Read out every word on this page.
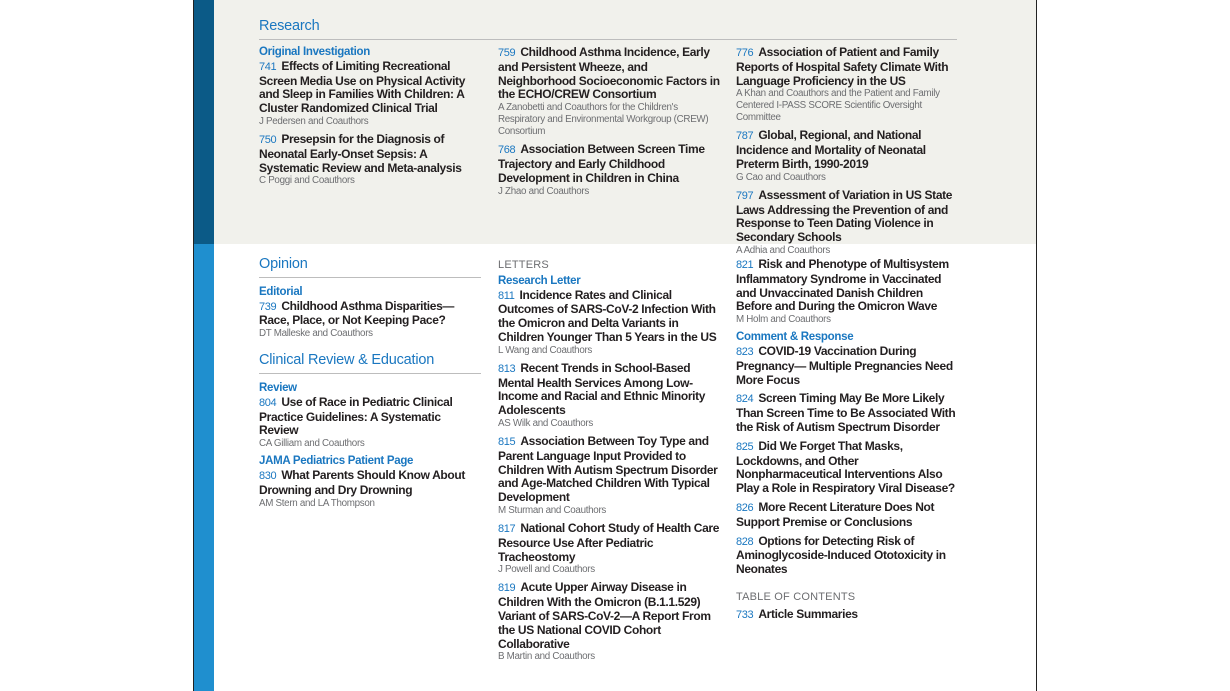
Research
Original Investigation
741 Effects of Limiting Recreational Screen Media Use on Physical Activity and Sleep in Families With Children: A Cluster Randomized Clinical Trial
J Pedersen and Coauthors
750 Presepsin for the Diagnosis of Neonatal Early-Onset Sepsis: A Systematic Review and Meta-analysis
C Poggi and Coauthors
759 Childhood Asthma Incidence, Early and Persistent Wheeze, and Neighborhood Socioeconomic Factors in the ECHO/CREW Consortium
A Zanobetti and Coauthors for the Children's Respiratory and Environmental Workgroup (CREW) Consortium
768 Association Between Screen Time Trajectory and Early Childhood Development in Children in China
J Zhao and Coauthors
776 Association of Patient and Family Reports of Hospital Safety Climate With Language Proficiency in the US
A Khan and Coauthors and the Patient and Family Centered I-PASS SCORE Scientific Oversight Committee
787 Global, Regional, and National Incidence and Mortality of Neonatal Preterm Birth, 1990-2019
G Cao and Coauthors
797 Assessment of Variation in US State Laws Addressing the Prevention of and Response to Teen Dating Violence in Secondary Schools
A Adhia and Coauthors
Opinion
Editorial
739 Childhood Asthma Disparities— Race, Place, or Not Keeping Pace?
DT Malleske and Coauthors
Clinical Review & Education
Review
804 Use of Race in Pediatric Clinical Practice Guidelines: A Systematic Review
CA Gilliam and Coauthors
JAMA Pediatrics Patient Page
830 What Parents Should Know About Drowning and Dry Drowning
AM Stern and LA Thompson
LETTERS
Research Letter
811 Incidence Rates and Clinical Outcomes of SARS-CoV-2 Infection With the Omicron and Delta Variants in Children Younger Than 5 Years in the US
L Wang and Coauthors
813 Recent Trends in School-Based Mental Health Services Among Low-Income and Racial and Ethnic Minority Adolescents
AS Wilk and Coauthors
815 Association Between Toy Type and Parent Language Input Provided to Children With Autism Spectrum Disorder and Age-Matched Children With Typical Development
M Sturman and Coauthors
817 National Cohort Study of Health Care Resource Use After Pediatric Tracheostomy
J Powell and Coauthors
819 Acute Upper Airway Disease in Children With the Omicron (B.1.1.529) Variant of SARS-CoV-2—A Report From the US National COVID Cohort Collaborative
B Martin and Coauthors
821 Risk and Phenotype of Multisystem Inflammatory Syndrome in Vaccinated and Unvaccinated Danish Children Before and During the Omicron Wave
M Holm and Coauthors
Comment & Response
823 COVID-19 Vaccination During Pregnancy— Multiple Pregnancies Need More Focus
824 Screen Timing May Be More Likely Than Screen Time to Be Associated With the Risk of Autism Spectrum Disorder
825 Did We Forget That Masks, Lockdowns, and Other Nonpharmaceutical Interventions Also Play a Role in Respiratory Viral Disease?
826 More Recent Literature Does Not Support Premise or Conclusions
828 Options for Detecting Risk of Aminoglycoside-Induced Ototoxicity in Neonates
TABLE OF CONTENTS
733 Article Summaries
